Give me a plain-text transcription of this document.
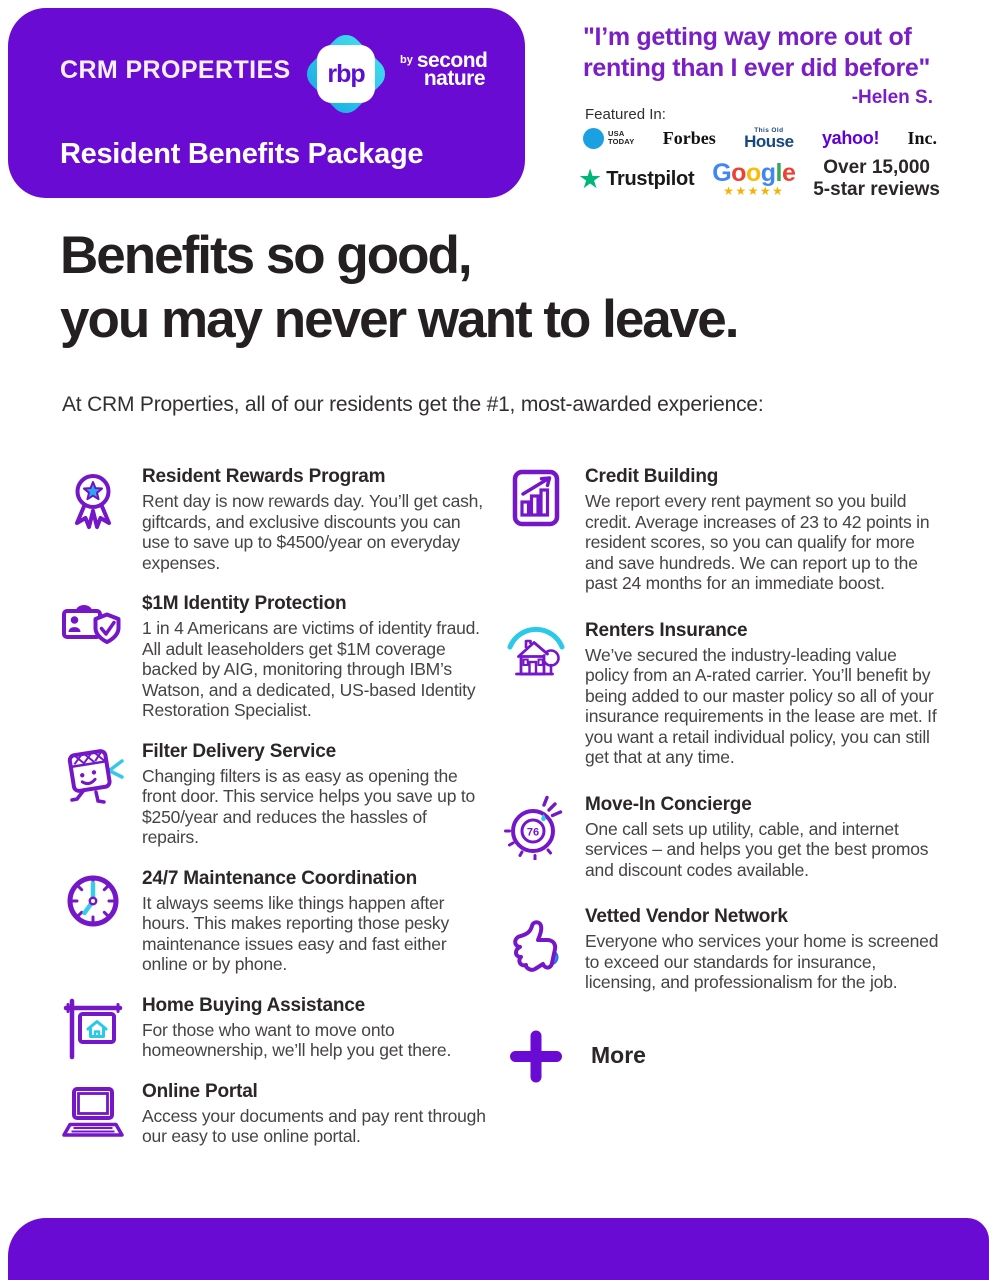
CRM PROPERTIES rbp	by second
nature
Resident Benefits Package
"I’m getting way more out of
renting than I ever did before"
-Helen S.
Featured In:
USA
TODAY Forbes	This Old
House yahoo! Inc.
★ Trustpilot Google
★★★★★
Over 15,000
5-star reviews
Benefits so good,
you may never want to leave.
At CRM Properties, all of our residents get the #1, most-awarded experience:
Resident Rewards Program
Rent day is now rewards day. You’ll get cash, giftcards, and exclusive discounts you can use to save up to $4500/year on everyday expenses.
$1M Identity Protection
1 in 4 Americans are victims of identity fraud. All adult leaseholders get $1M coverage backed by AIG, monitoring through IBM’s Watson, and a dedicated, US-based Identity Restoration Specialist.
Filter Delivery Service
Changing filters is as easy as opening the front door. This service helps you save up to $250/year and reduces the hassles of repairs.
24/7 Maintenance Coordination
It always seems like things happen after hours. This makes reporting those pesky maintenance issues easy and fast either online or by phone.
Home Buying Assistance
For those who want to move onto homeownership, we’ll help you get there.
Online Portal
Access your documents and pay rent through our easy to use online portal.
Credit Building
We report every rent payment so you build credit. Average increases of 23 to 42 points in resident scores, so you can qualify for more and save hundreds. We can report up to the past 24 months for an immediate boost.
Renters Insurance
We’ve secured the industry-leading value policy from an A-rated carrier. You’ll benefit by being added to our master policy so all of your insurance requirements in the lease are met. If you want a retail individual policy, you can still get that at any time.
76
Move-In Concierge
One call sets up utility, cable, and internet services – and helps you get the best promos and discount codes available.
Vetted Vendor Network
Everyone who services your home is screened to exceed our standards for insurance, licensing, and professionalism for the job.
More
